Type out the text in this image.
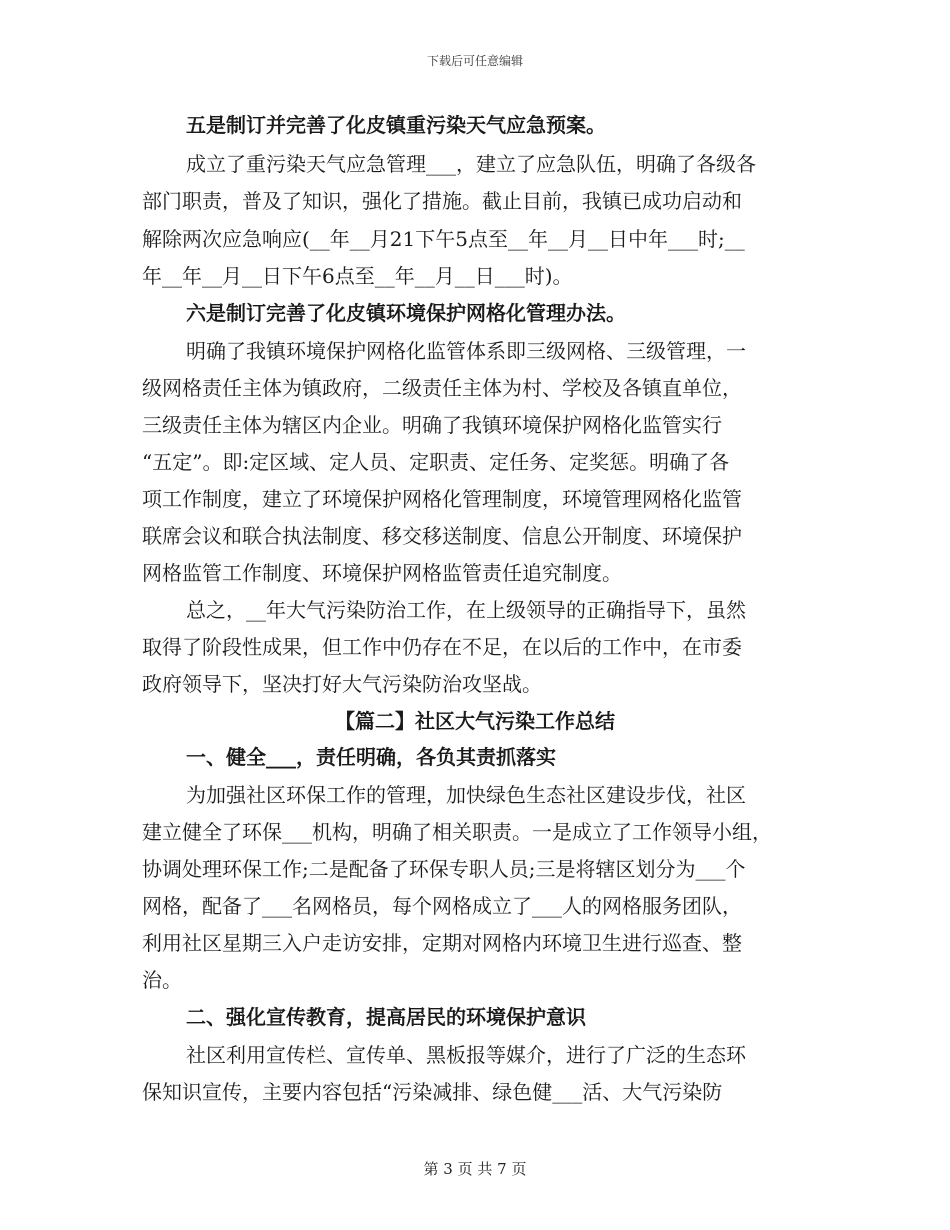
下载后可任意编辑
五是制订并完善了化皮镇重污染天气应急预案。
成立了重污染天气应急管理___，建立了应急队伍，明确了各级各
部门职责，普及了知识，强化了措施。截止目前，我镇已成功启动和
解除两次应急响应(__年__月21下午5点至__年__月__日中年___时;__
年__年__月__日下午6点至__年__月__日___时)。
六是制订完善了化皮镇环境保护网格化管理办法。
明确了我镇环境保护网格化监管体系即三级网格、三级管理，一
级网格责任主体为镇政府，二级责任主体为村、学校及各镇直单位，
三级责任主体为辖区内企业。明确了我镇环境保护网格化监管实行
“五定”。即:定区域、定人员、定职责、定任务、定奖惩。明确了各
项工作制度，建立了环境保护网格化管理制度，环境管理网格化监管
联席会议和联合执法制度、移交移送制度、信息公开制度、环境保护
网格监管工作制度、环境保护网格监管责任追究制度。
总之，__年大气污染防治工作，在上级领导的正确指导下，虽然
取得了阶段性成果，但工作中仍存在不足，在以后的工作中，在市委
政府领导下，坚决打好大气污染防治攻坚战。
【篇二】社区大气污染工作总结
一、健全___，责任明确，各负其责抓落实
为加强社区环保工作的管理，加快绿色生态社区建设步伐，社区
建立健全了环保___机构，明确了相关职责。一是成立了工作领导小组，
协调处理环保工作;二是配备了环保专职人员;三是将辖区划分为___个
网格，配备了___名网格员，每个网格成立了___人的网格服务团队，
利用社区星期三入户走访安排，定期对网格内环境卫生进行巡查、整
治。
二、强化宣传教育，提高居民的环境保护意识
社区利用宣传栏、宣传单、黑板报等媒介，进行了广泛的生态环
保知识宣传，主要内容包括“污染减排、绿色健___活、大气污染防
第 3 页 共 7 页
